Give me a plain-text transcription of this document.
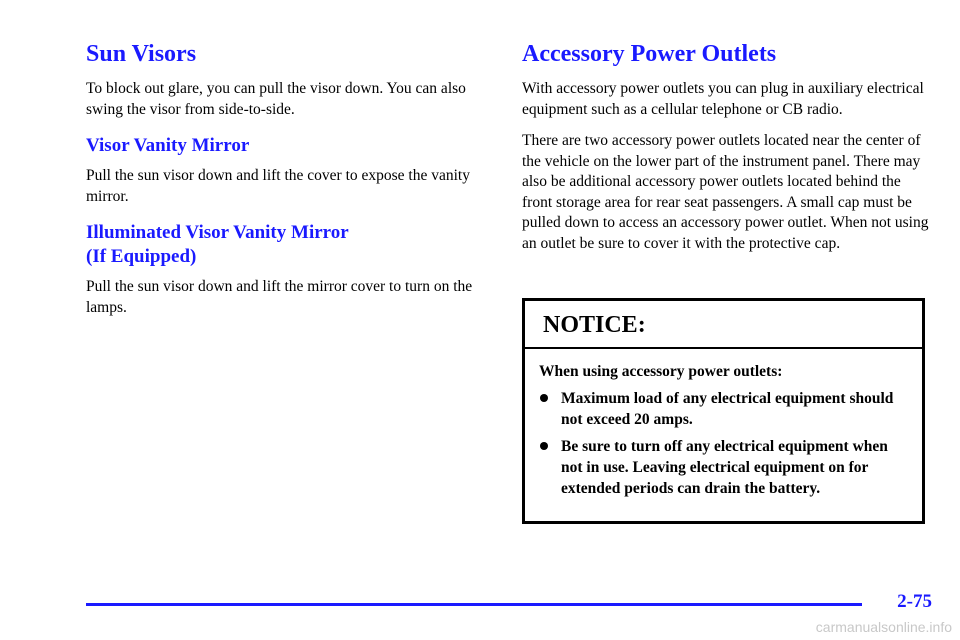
Sun Visors

To block out glare, you can pull the visor down. You can also swing the visor from side-to-side.

Visor Vanity Mirror

Pull the sun visor down and lift the cover to expose the vanity mirror.

Illuminated Visor Vanity Mirror
(If Equipped)

Pull the sun visor down and lift the mirror cover to turn on the lamps.

Accessory Power Outlets

With accessory power outlets you can plug in auxiliary electrical equipment such as a cellular telephone or CB radio.

There are two accessory power outlets located near the center of the vehicle on the lower part of the instrument panel. There may also be additional accessory power outlets located behind the front storage area for rear seat passengers. A small cap must be pulled down to access an accessory power outlet. When not using an outlet be sure to cover it with the protective cap.

NOTICE:
When using accessory power outlets:
Maximum load of any electrical equipment should not exceed 20 amps.
Be sure to turn off any electrical equipment when not in use. Leaving electrical equipment on for extended periods can drain the battery.
2-75
carmanualsonline.info
